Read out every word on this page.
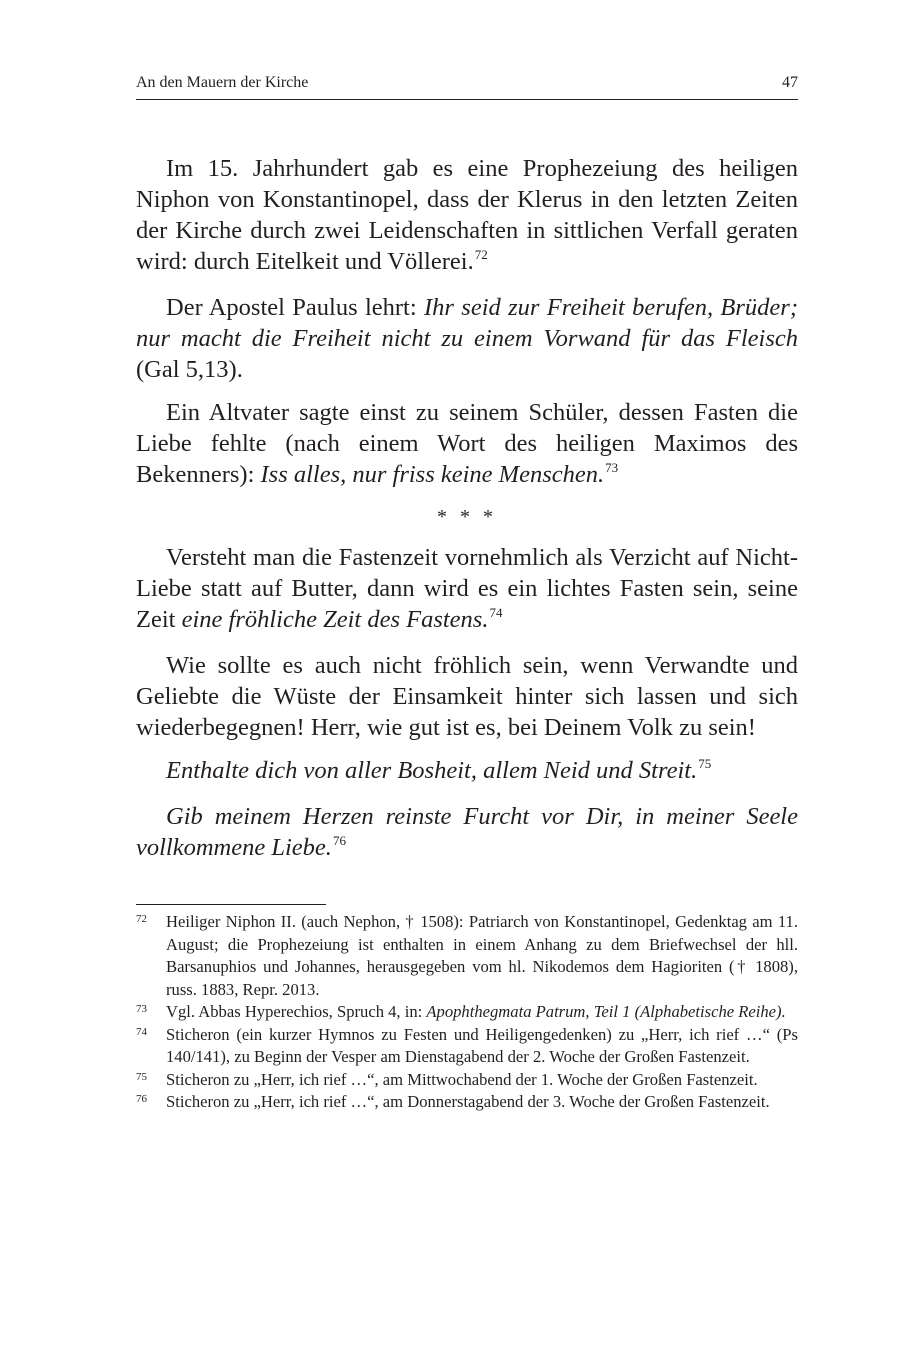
An den Mauern der Kirche	47

Im 15. Jahrhundert gab es eine Prophezeiung des heiligen Niphon von Konstantinopel, dass der Klerus in den letzten Zeiten der Kirche durch zwei Leidenschaften in sittlichen Verfall geraten wird: durch Eitelkeit und Völlerei.$^{72}$

Der Apostel Paulus lehrt: Ihr seid zur Freiheit berufen, Brüder; nur macht die Freiheit nicht zu einem Vorwand für das Fleisch (Gal 5,13).

Ein Altvater sagte einst zu seinem Schüler, dessen Fasten die Liebe fehlte (nach einem Wort des heiligen Maximos des Bekenners): Iss alles, nur friss keine Menschen.$^{73}$

* * *

Versteht man die Fastenzeit vornehmlich als Verzicht auf Nicht-Liebe statt auf Butter, dann wird es ein lichtes Fasten sein, seine Zeit eine fröhliche Zeit des Fastens.$^{74}$

Wie sollte es auch nicht fröhlich sein, wenn Verwandte und Geliebte die Wüste der Einsamkeit hinter sich lassen und sich wiederbegegnen! Herr, wie gut ist es, bei Deinem Volk zu sein!

Enthalte dich von aller Bosheit, allem Neid und Streit.$^{75}$

Gib meinem Herzen reinste Furcht vor Dir, in meiner Seele vollkommene Liebe.$^{76}$

72 Heiliger Niphon II. (auch Nephon, † 1508): Patriarch von Konstantinopel, Gedenktag am 11. August; die Prophezeiung ist enthalten in einem Anhang zu dem Briefwechsel der hll. Barsanuphios und Johannes, herausgegeben vom hl. Nikodemos dem Hagioriten († 1808), russ. 1883, Repr. 2013.

73 Vgl. Abbas Hyperechios, Spruch 4, in: Apophthegmata Patrum, Teil 1 (Alphabetische Reihe).

74 Sticheron (ein kurzer Hymnos zu Festen und Heiligengedenken) zu „Herr, ich rief …“ (Ps 140/141), zu Beginn der Vesper am Dienstagabend der 2. Woche der Großen Fastenzeit.

75 Sticheron zu „Herr, ich rief …“, am Mittwochabend der 1. Woche der Großen Fastenzeit.

76 Sticheron zu „Herr, ich rief …“, am Donnerstagabend der 3. Woche der Großen Fastenzeit.
